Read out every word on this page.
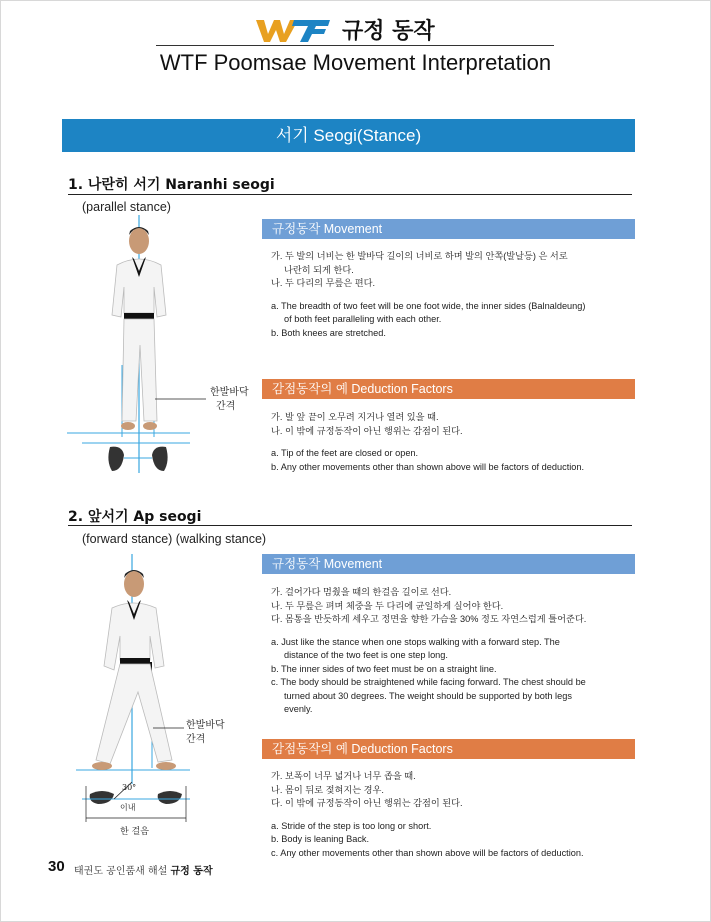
규정 동작
WTF Poomsae Movement Interpretation
서기 Seogi(Stance)
1. 나란히 서기 Naranhi seogi
(parallel stance)
한발바닥
간격
규정동작 Movement

가. 두 발의 너비는 한 발바닥 길이의 너비로 하며 발의 안쪽(발날등) 은 서로

나란히 되게 한다.

나. 두 다리의 무릎은 편다.

a. The breadth of two feet will be one foot wide, the inner sides (Balnaldeung)

of both feet paralleling with each other.

b. Both knees are stretched.

감점동작의 예 Deduction Factors

가. 발 앞 끝이 오무려 지거나 열려 있을 때.

나. 이 밖에 규정동작이 아닌 행위는 감점이 된다.

a. Tip of the feet are closed or open.

b. Any other movements other than shown above will be factors of deduction.

2. 앞서기 Ap seogi
(forward stance) (walking stance)
30°
이내
한 걸음
한발바닥
간격
규정동작 Movement

가. 걸어가다 멈췄을 때의 한걸음 길이로 선다.

나. 두 무릎은 펴며 체중을 두 다리에 균일하게 실어야 한다.

다. 몸통을 반듯하게 세우고 정면을 향한 가슴을 30% 정도 자연스럽게 틀어준다.

a. Just like the stance when one stops walking with a forward step. The

distance of the two feet is one step long.

b. The inner sides of two feet must be on a straight line.

c. The body should be straightened while facing forward. The chest should be

turned about 30 degrees. The weight should be supported by both legs

evenly.

감점동작의 예 Deduction Factors

가. 보폭이 너무 넓거나 너무 좁을 때.

나. 몸이 뒤로 젖혀지는 경우.

다. 이 밖에 규정동작이 아닌 행위는 감점이 된다.

a. Stride of the step is too long or short.

b. Body is leaning Back.

c. Any other movements other than shown above will be factors of deduction.

30 태권도 공인품새 해설 규정 동작
